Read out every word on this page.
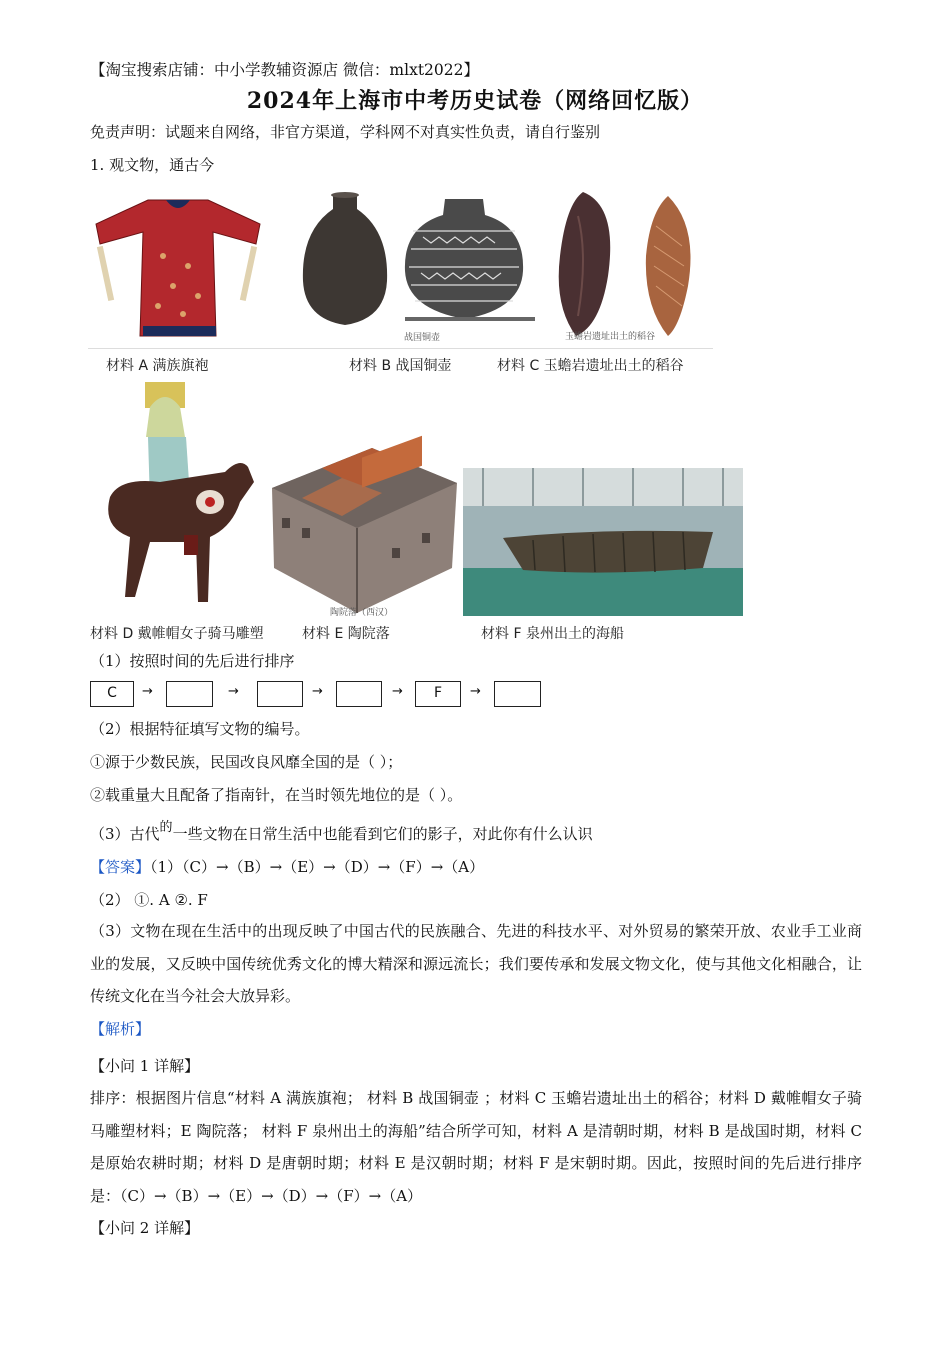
【淘宝搜索店铺：中小学教辅资源店 微信：mlxt2022】
2024年上海市中考历史试卷（网络回忆版）
免责声明：试题来自网络，非官方渠道，学科网不对真实性负责，请自行鉴别
1. 观文物，通古今
战国铜壶	玉蟾岩遗址出土的稻谷
材料 A 满族旗袍	材料 B 战国铜壶	材料 C 玉蟾岩遗址出土的稻谷
陶院落（西汉）
材料 D 戴帷帽女子骑马雕塑	材料 E 陶院落	材料 F 泉州出土的海船
（1）按照时间的先后进行排序
C	→	→	→	→	F	→
（2）根据特征填写文物的编号。
①源于少数民族，民国改良风靡全国的是（ ）；
②载重量大且配备了指南针，在当时领先地位的是（ ）。
（3）古代的一些文物在日常生活中也能看到它们的影子，对此你有什么认识
【答案】（1）（C）→（B）→（E）→（D）→（F）→（A）
（2） ①. A ②. F
（3）文物在现在生活中的出现反映了中国古代的民族融合、先进的科技水平、对外贸易的繁荣开放、农业手工业商业的发展，又反映中国传统优秀文化的博大精深和源远流长；我们要传承和发展文物文化，使与其他文化相融合，让传统文化在当今社会大放异彩。
【解析】
【小问 1 详解】
排序：根据图片信息“材料 A 满族旗袍； 材料 B 战国铜壶 ；材料 C 玉蟾岩遗址出土的稻谷；材料 D 戴帷帽女子骑马雕塑材料；E 陶院落； 材料 F 泉州出土的海船”结合所学可知，材料 A 是清朝时期，材料 B 是战国时期，材料 C 是原始农耕时期；材料 D 是唐朝时期；材料 E 是汉朝时期；材料 F 是宋朝时期。因此，按照时间的先后进行排序是：（C）→（B）→（E）→（D）→（F）→（A）
【小问 2 详解】
